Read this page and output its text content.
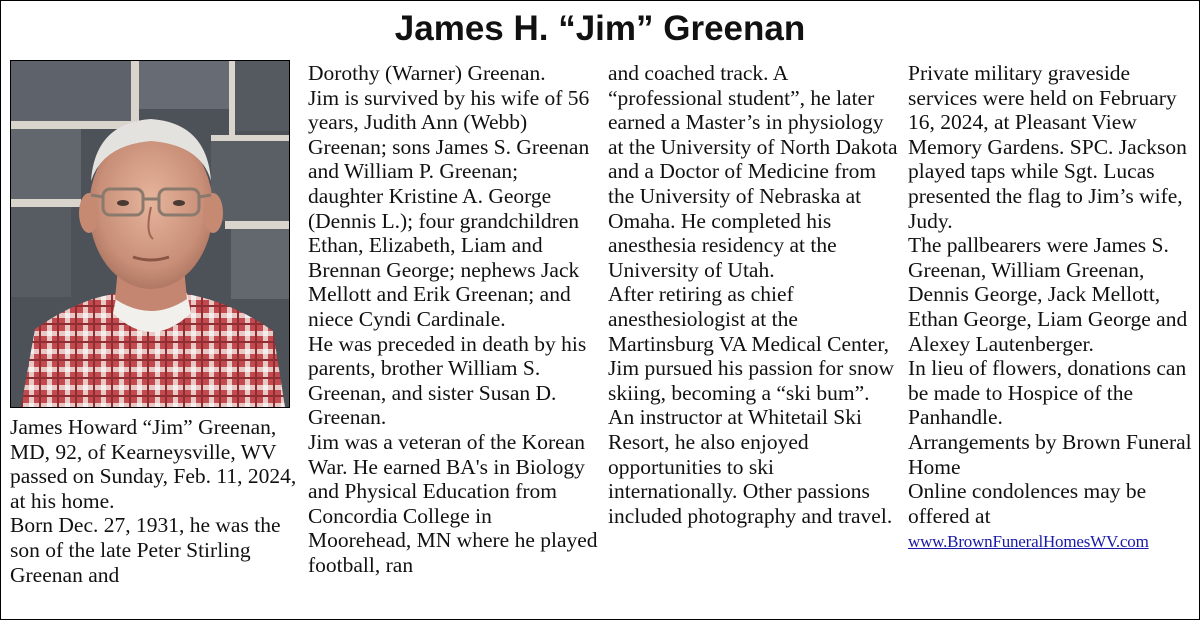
James H. “Jim” Greenan

James Howard “Jim” Greenan, MD, 92, of Kearneysville, WV passed on Sunday, Feb. 11, 2024, at his home.

Born Dec. 27, 1931, he was the son of the late Peter Stirling Greenan and

Dorothy (Warner) Greenan.

Jim is survived by his wife of 56 years, Judith Ann (Webb) Greenan; sons James S. Greenan and William P. Greenan; daughter Kristine A. George (Dennis L.); four grandchildren Ethan, Elizabeth, Liam and Brennan George; nephews Jack Mellott and Erik Greenan; and niece Cyndi Cardinale.

He was preceded in death by his parents, brother William S. Greenan, and sister Susan D. Greenan.

Jim was a veteran of the Korean War. He earned BA's in Biology and Physical Education from Concordia College in Moorehead, MN where he played football, ran

and coached track. A “professional student”, he later earned a Master’s in physiology at the University of North Dakota and a Doctor of Medicine from the University of Nebraska at Omaha. He completed his anesthesia residency at the University of Utah.

After retiring as chief anesthesiologist at the Martinsburg VA Medical Center, Jim pursued his passion for snow skiing, becoming a “ski bum”. An instructor at Whitetail Ski Resort, he also enjoyed opportunities to ski internationally. Other passions included photography and travel.

Private military graveside services were held on February 16, 2024, at Pleasant View Memory Gardens. SPC. Jackson played taps while Sgt. Lucas presented the flag to Jim’s wife, Judy.

The pallbearers were James S. Greenan, William Greenan, Dennis George, Jack Mellott, Ethan George, Liam George and Alexey Lautenberger.

In lieu of flowers, donations can be made to Hospice of the Panhandle.

Arrangements by Brown Funeral Home

Online condolences may be offered at

www.BrownFuneralHomesWV.com
